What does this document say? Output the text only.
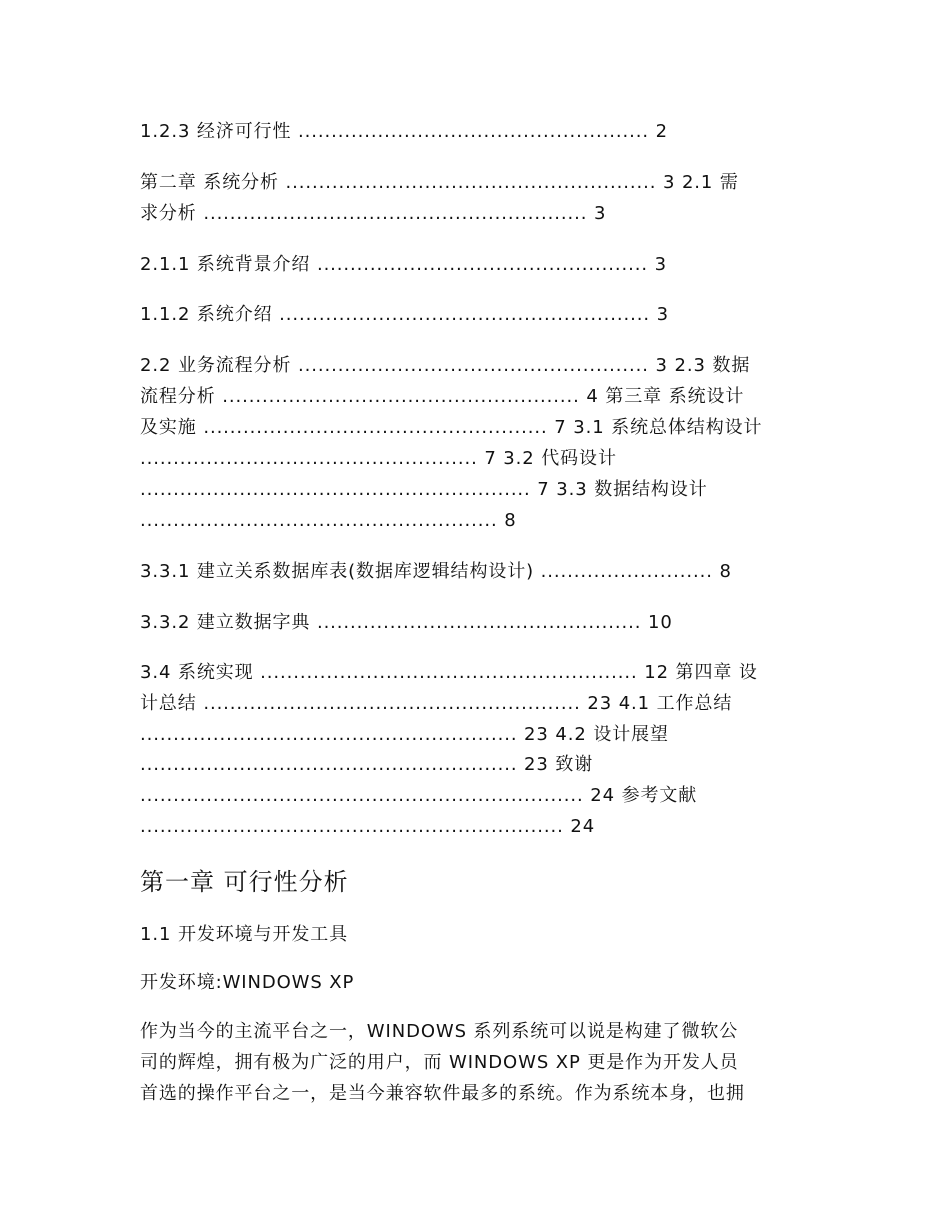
1.2.3 经济可行性 ..................................................... 2

第二章 系统分析 ........................................................ 3 2.1 需

求分析 .......................................................... 3

2.1.1 系统背景介绍 .................................................. 3

1.1.2 系统介绍 ........................................................ 3

2.2 业务流程分析 ..................................................... 3 2.3 数据

流程分析 ...................................................... 4 第三章 系统设计

及实施 .................................................... 7 3.1 系统总体结构设计

................................................... 7 3.2 代码设计

........................................................... 7 3.3 数据结构设计

...................................................... 8

3.3.1 建立关系数据库表(数据库逻辑结构设计) .......................... 8

3.3.2 建立数据字典 ................................................. 10

3.4 系统实现 ......................................................... 12 第四章 设

计总结 ......................................................... 23 4.1 工作总结

......................................................... 23 4.2 设计展望

......................................................... 23 致谢

................................................................... 24 参考文献

................................................................ 24

第一章 可行性分析
1.1 开发环境与开发工具

开发环境:WINDOWS XP

作为当今的主流平台之一，WINDOWS 系列系统可以说是构建了微软公

司的辉煌，拥有极为广泛的用户，而 WINDOWS XP 更是作为开发人员

首选的操作平台之一，是当今兼容软件最多的系统。作为系统本身，也拥
